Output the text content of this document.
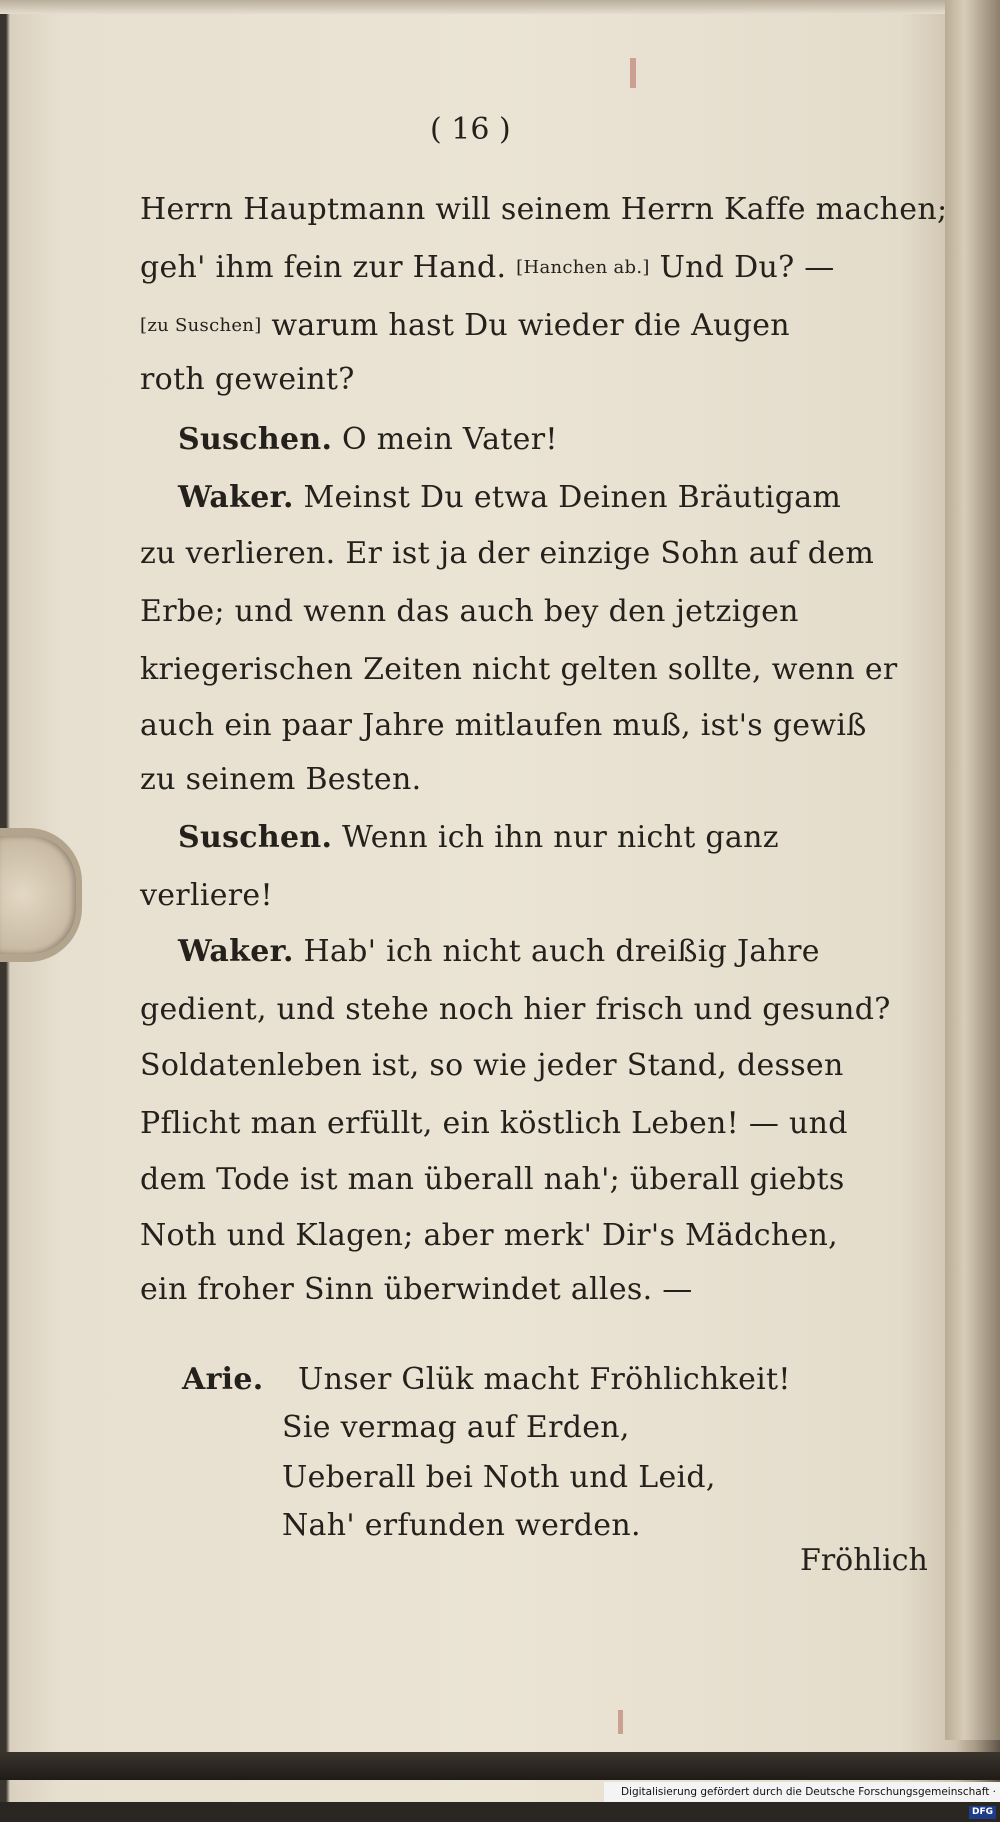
( 16 )
Herrn Hauptmann will seinem Herrn Kaffe machen;
geh' ihm fein zur Hand. [Hanchen ab.] Und Du? —
[zu Suschen] warum hast Du wieder die Augen
roth geweint?
Suschen. O mein Vater!
Waker. Meinst Du etwa Deinen Bräutigam
zu verlieren. Er ist ja der einzige Sohn auf dem
Erbe; und wenn das auch bey den jetzigen
kriegerischen Zeiten nicht gelten sollte, wenn er
auch ein paar Jahre mitlaufen muß, ist's gewiß
zu seinem Besten.
Suschen. Wenn ich ihn nur nicht ganz
verliere!
Waker. Hab' ich nicht auch dreißig Jahre
gedient, und stehe noch hier frisch und gesund?
Soldatenleben ist, so wie jeder Stand, dessen
Pflicht man erfüllt, ein köstlich Leben! — und
dem Tode ist man überall nah'; überall giebts
Noth und Klagen; aber merk' Dir's Mädchen,
ein froher Sinn überwindet alles. —
Arie. Unser Glük macht Fröhlichkeit!
Sie vermag auf Erden,
Ueberall bei Noth und Leid,
Nah' erfunden werden.
Fröhlich
Digitalisierung gefördert durch die Deutsche Forschungsgemeinschaft ·DFG
